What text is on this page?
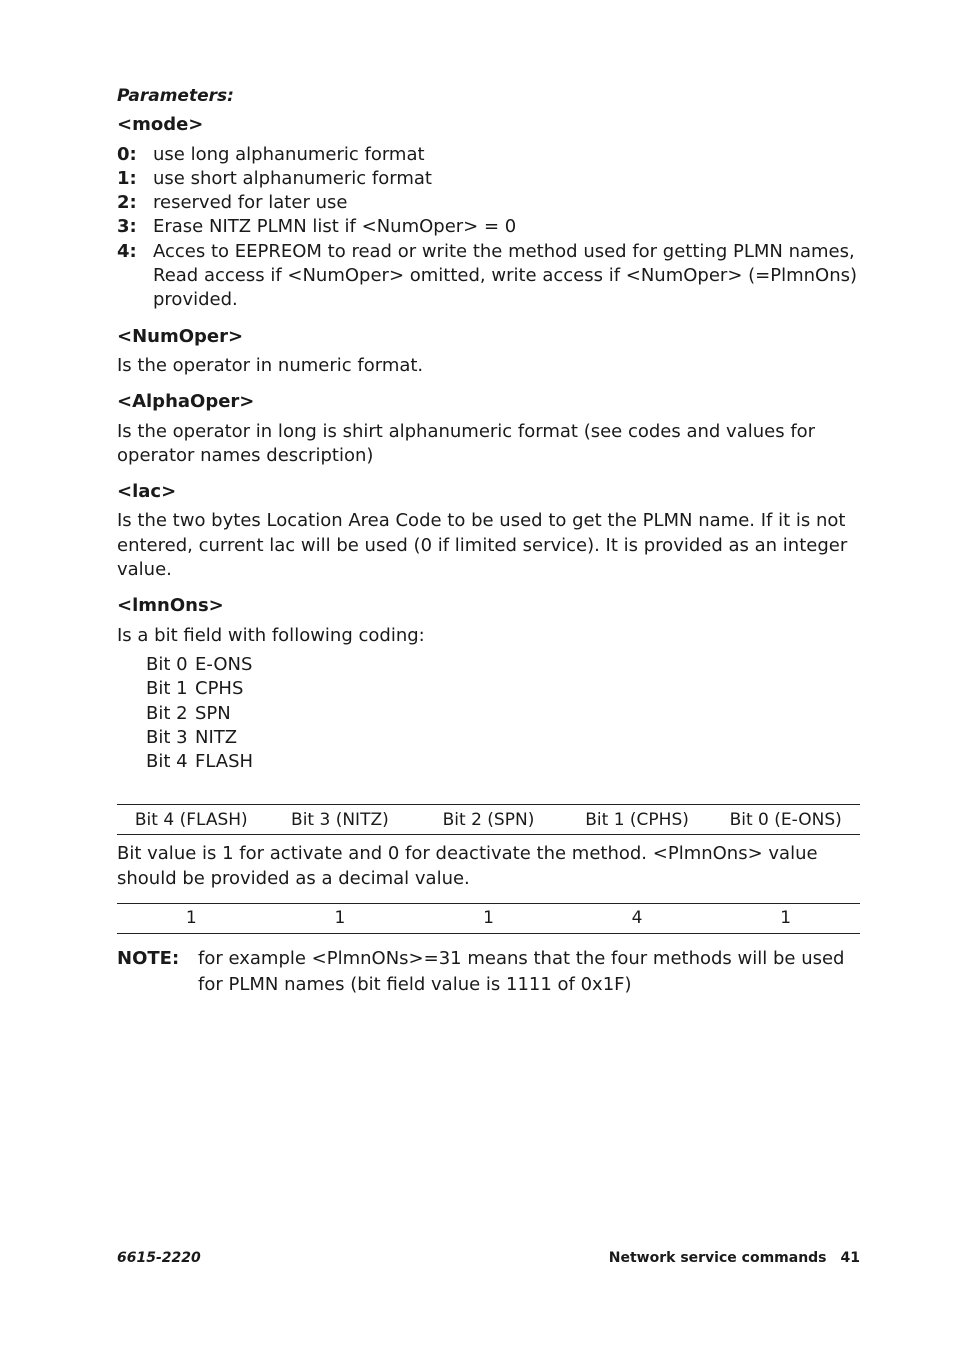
Parameters:
<mode>
0: use long alphanumeric format
1: use short alphanumeric format
2: reserved for later use
3: Erase NITZ PLMN list if <NumOper> = 0
4: Acces to EEPREOM to read or write the method used for getting PLMN names, Read access if <NumOper> omitted, write access if <NumOper> (=PlmnOns) provided.
<NumOper>

Is the operator in numeric format.

<AlphaOper>

Is the operator in long is shirt alphanumeric format (see codes and values for operator names description)

<lac>

Is the two bytes Location Area Code to be used to get the PLMN name. If it is not entered, current lac will be used (0 if limited service). It is provided as an integer value.

<lmnOns>

Is a bit field with following coding:

Bit 0 E-ONS
Bit 1 CPHS
Bit 2 SPN
Bit 3 NITZ
Bit 4 FLASH
Bit 4 (FLASH)	Bit 3 (NITZ)	Bit 2 (SPN)	Bit 1 (CPHS)	Bit 0 (E-ONS)

Bit value is 1 for activate and 0 for deactivate the method. <PlmnOns> value should be provided as a decimal value.

1	1	1	4	1
NOTE:	for example <PlmnONs>=31 means that the four methods will be used for PLMN names (bit field value is 1111 of 0x1F)
6615-2220	Network service commands 41
